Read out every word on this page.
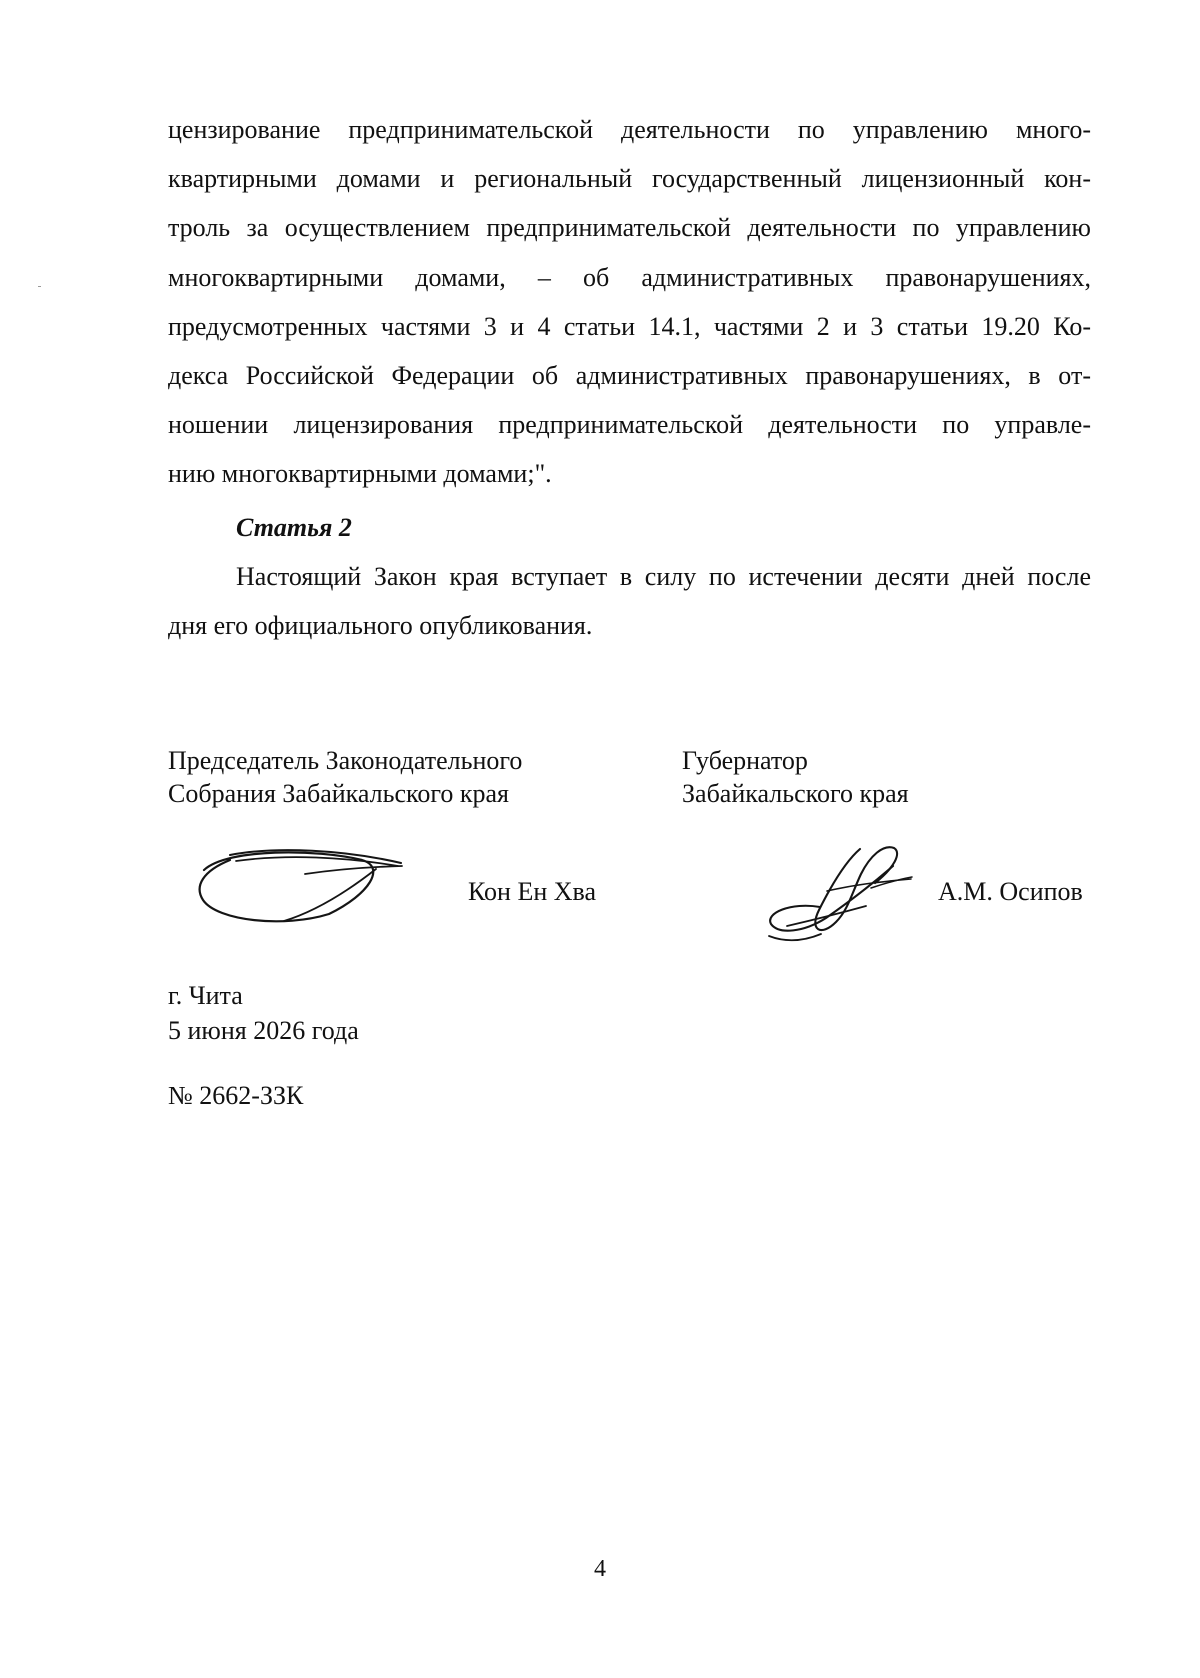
цензирование предпринимательской деятельности по управлению много-
квартирными домами и региональный государственный лицензионный кон-
троль за осуществлением предпринимательской деятельности по управлению
многоквартирными домами, – об административных правонарушениях,
предусмотренных частями 3 и 4 статьи 14.1, частями 2 и 3 статьи 19.20 Ко-
декса Российской Федерации об административных правонарушениях, в от-
ношении лицензирования предпринимательской деятельности по управле-
нию многоквартирными домами;".
Статья 2
Настоящий Закон края вступает в силу по истечении десяти дней после
дня его официального опубликования.
Председатель Законодательного
Собрания Забайкальского края
Кон Ен Хва
Губернатор
Забайкальского края
А.М. Осипов
г. Чита
5 июня 2026 года
№ 2662-ЗЗК
4
